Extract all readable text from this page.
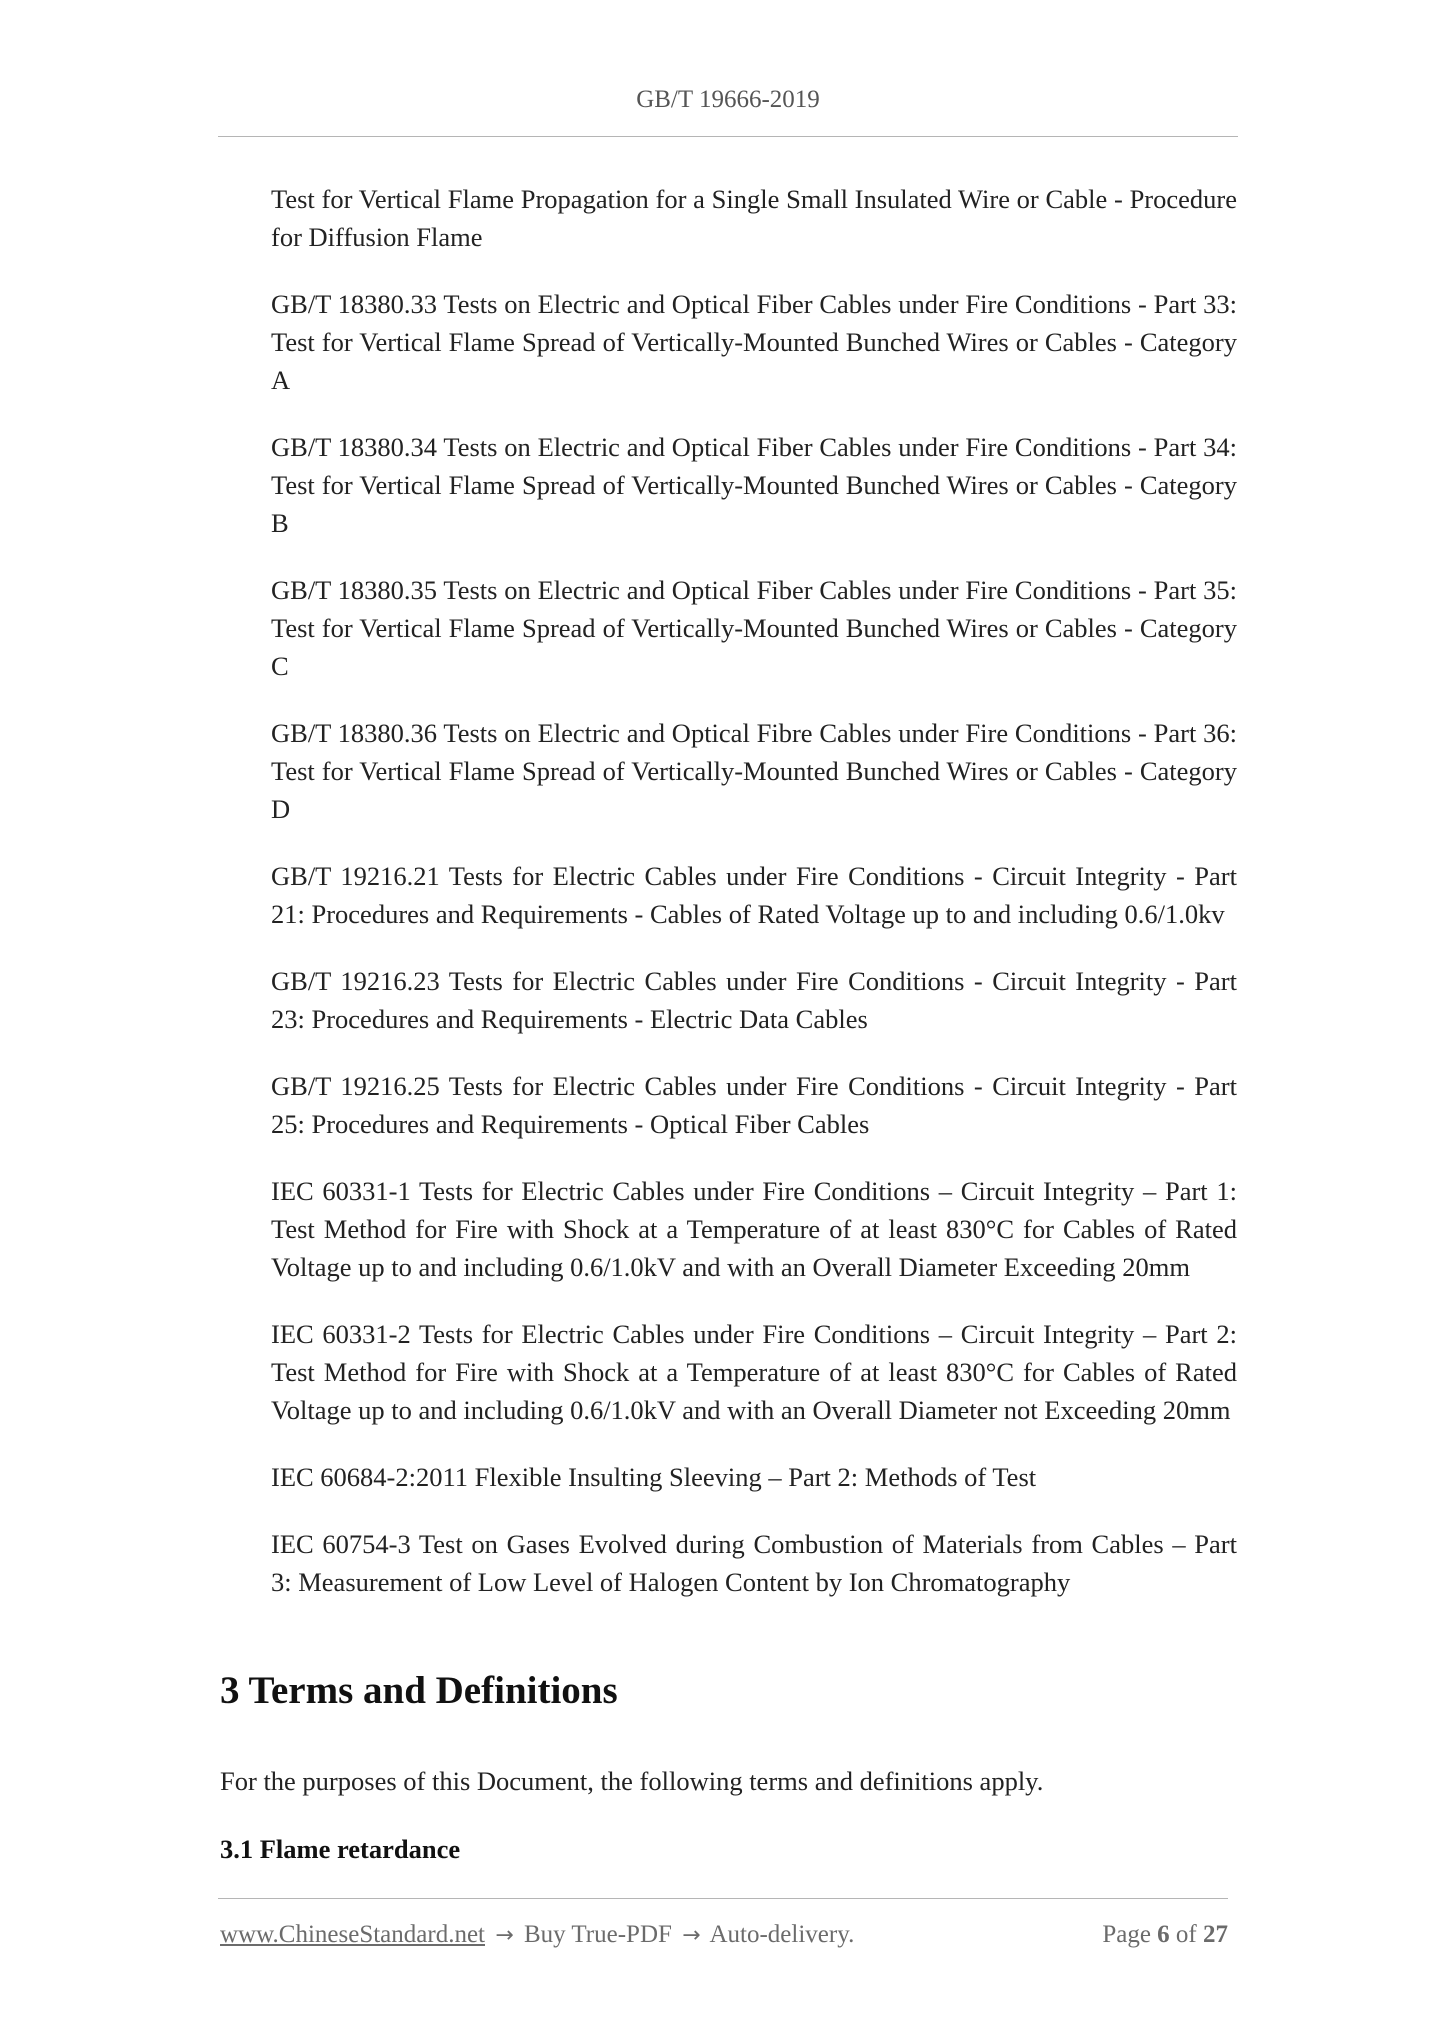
GB/T 19666-2019

Test for Vertical Flame Propagation for a Single Small Insulated Wire or Cable - Procedure for Diffusion Flame

GB/T 18380.33 Tests on Electric and Optical Fiber Cables under Fire Conditions - Part 33: Test for Vertical Flame Spread of Vertically-Mounted Bunched Wires or Cables - Category A

GB/T 18380.34 Tests on Electric and Optical Fiber Cables under Fire Conditions - Part 34: Test for Vertical Flame Spread of Vertically-Mounted Bunched Wires or Cables - Category B

GB/T 18380.35 Tests on Electric and Optical Fiber Cables under Fire Conditions - Part 35: Test for Vertical Flame Spread of Vertically-Mounted Bunched Wires or Cables - Category C

GB/T 18380.36 Tests on Electric and Optical Fibre Cables under Fire Conditions - Part 36: Test for Vertical Flame Spread of Vertically-Mounted Bunched Wires or Cables - Category D

GB/T 19216.21 Tests for Electric Cables under Fire Conditions - Circuit Integrity - Part 21: Procedures and Requirements - Cables of Rated Voltage up to and including 0.6/1.0kv

GB/T 19216.23 Tests for Electric Cables under Fire Conditions - Circuit Integrity - Part 23: Procedures and Requirements - Electric Data Cables

GB/T 19216.25 Tests for Electric Cables under Fire Conditions - Circuit Integrity - Part 25: Procedures and Requirements - Optical Fiber Cables

IEC 60331-1 Tests for Electric Cables under Fire Conditions – Circuit Integrity – Part 1: Test Method for Fire with Shock at a Temperature of at least 830°C for Cables of Rated Voltage up to and including 0.6/1.0kV and with an Overall Diameter Exceeding 20mm

IEC 60331-2 Tests for Electric Cables under Fire Conditions – Circuit Integrity – Part 2: Test Method for Fire with Shock at a Temperature of at least 830°C for Cables of Rated Voltage up to and including 0.6/1.0kV and with an Overall Diameter not Exceeding 20mm

IEC 60684-2:2011 Flexible Insulting Sleeving – Part 2: Methods of Test

IEC 60754-3 Test on Gases Evolved during Combustion of Materials from Cables – Part 3: Measurement of Low Level of Halogen Content by Ion Chromatography

3 Terms and Definitions

For the purposes of this Document, the following terms and definitions apply.

3.1 Flame retardance

www.ChineseStandard.net → Buy True-PDF → Auto-delivery.	Page 6 of 27
